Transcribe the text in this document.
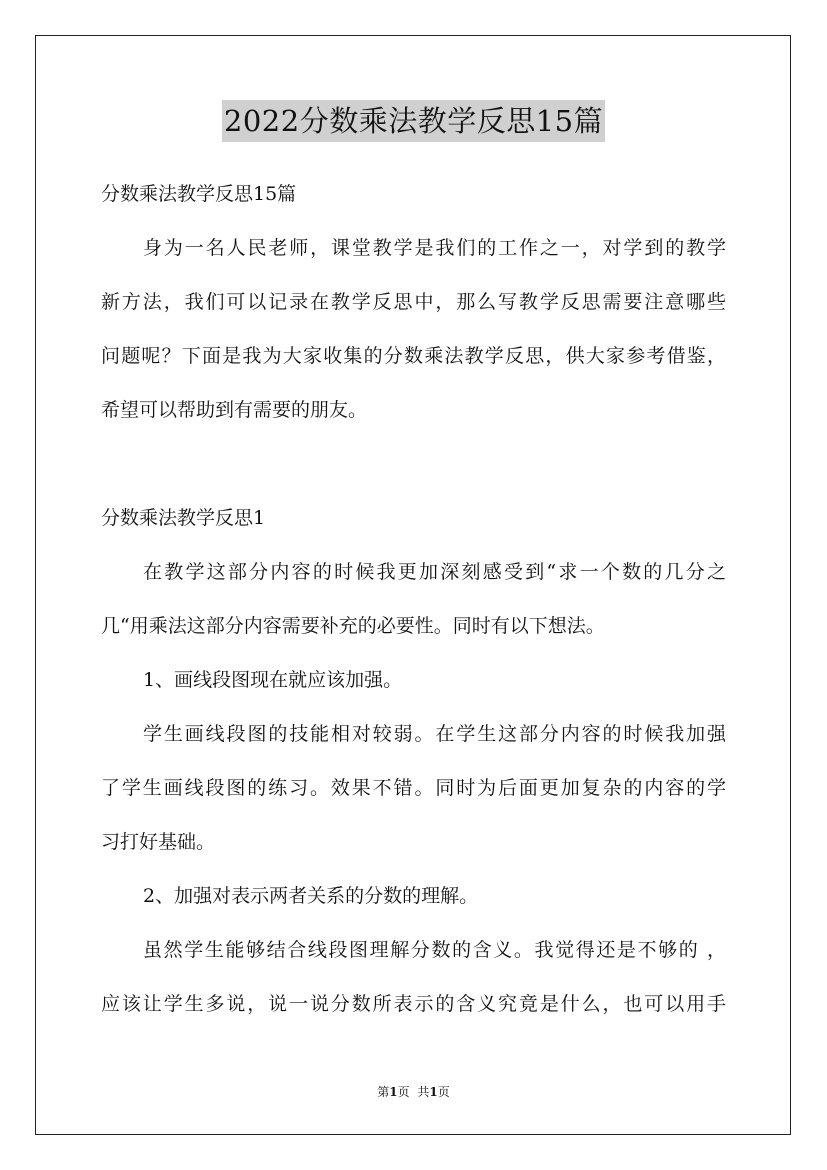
2022分数乘法教学反思15篇
分数乘法教学反思15篇
身为一名人民老师，课堂教学是我们的工作之一，对学到的教学
新方法，我们可以记录在教学反思中，那么写教学反思需要注意哪些
问题呢？下面是我为大家收集的分数乘法教学反思，供大家参考借鉴，
希望可以帮助到有需要的朋友。
分数乘法教学反思1
在教学这部分内容的时候我更加深刻感受到“求一个数的几分之
几“用乘法这部分内容需要补充的必要性。同时有以下想法。
1、画线段图现在就应该加强。
学生画线段图的技能相对较弱。在学生这部分内容的时候我加强
了学生画线段图的练习。效果不错。同时为后面更加复杂的内容的学
习打好基础。
2、加强对表示两者关系的分数的理解。
虽然学生能够结合线段图理解分数的含义。我觉得还是不够的 ，
应该让学生多说，说一说分数所表示的含义究竟是什么，也可以用手
第1页 共1页
